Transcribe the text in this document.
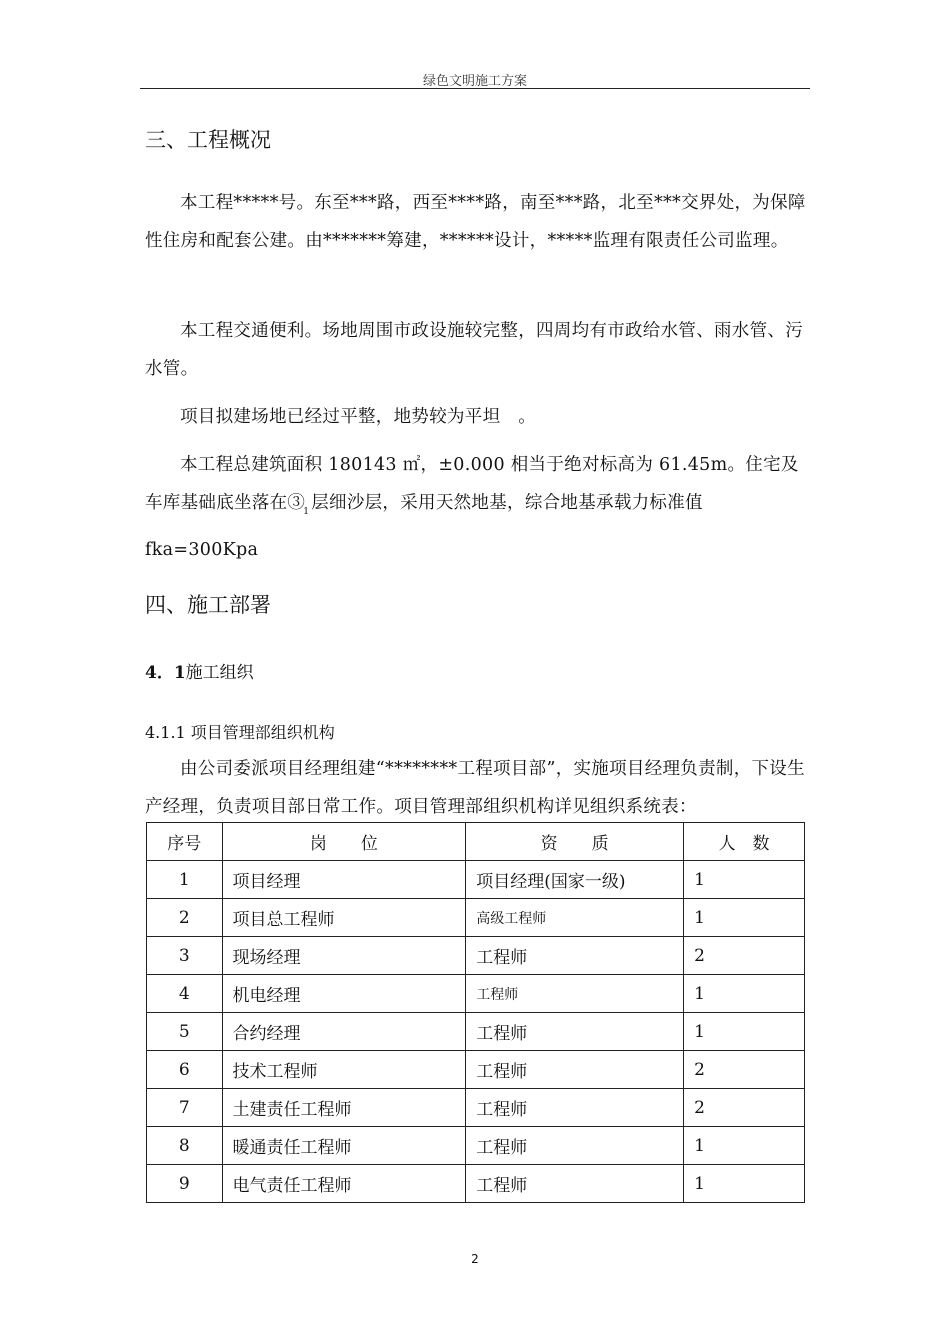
绿色文明施工方案
三、工程概况
本工程*****号。东至***路，西至****路，南至***路，北至***交界处，为保障性住房和配套公建。由*******筹建，******设计，*****监理有限责任公司监理。
本工程交通便利。场地周围市政设施较完整，四周均有市政给水管、雨水管、污水管。
项目拟建场地已经过平整，地势较为平坦　。
本工程总建筑面积 180143 ㎡，±0.000 相当于绝对标高为 61.45m。住宅及车库基础底坐落在$③_1$ 层细沙层，采用天然地基，综合地基承载力标准值 fka=300Kpa
四、施工部署
4．1施工组织
4.1.1 项目管理部组织机构
由公司委派项目经理组建“********工程项目部”，实施项目经理负责制，下设生产经理，负责项目部日常工作。项目管理部组织机构详见组织系统表：
序号	岗　　位	资　　质	人　数
1	项目经理	项目经理(国家一级)	1
2	项目总工程师	高级工程师	1
3	现场经理	工程师	2
4	机电经理	工程师	1
5	合约经理	工程师	1
6	技术工程师	工程师	2
7	土建责任工程师	工程师	2
8	暖通责任工程师	工程师	1
9	电气责任工程师	工程师	1
2
